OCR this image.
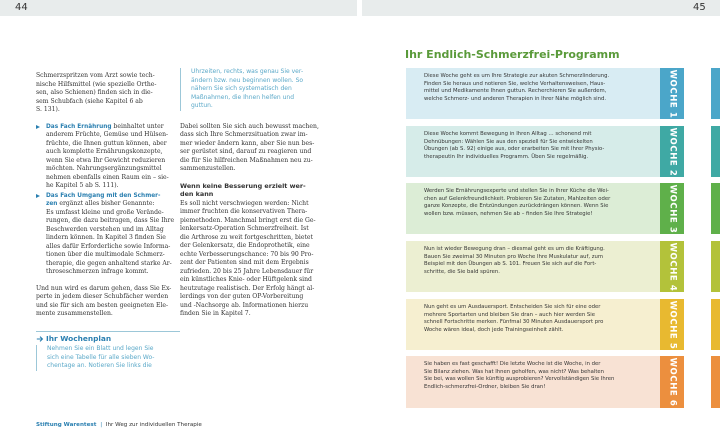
44	45

Schmerzspritzen vom Arzt sowie tech-
nische Hilfsmittel (wie spezielle Orthe-
sen, also Schienen) finden sich in die-
sem Schubfach (siehe Kapitel 6 ab
S. 131).

Das Fach Ernährung beinhaltet unter
anderem Früchte, Gemüse und Hülsen-
früchte, die Ihnen guttun können, aber
auch komplette Ernährungskonzepte,
wenn Sie etwa Ihr Gewicht reduzieren
möchten. Nahrungsergänzungsmittel
nehmen ebenfalls einen Raum ein – sie-
he Kapitel 5 ab S. 111).
Das Fach Umgang mit den Schmer-
zen ergänzt alles bisher Genannte:
Es umfasst kleine und große Verände-
rungen, die dazu beitragen, dass Sie Ihre
Beschwerden verstehen und im Alltag
lindern können. In Kapitel 3 finden Sie
alles dafür Erforderliche sowie Informa-
tionen über die multimodale Schmerz-
therapie, die gegen anhaltend starke Ar-
throseschmerzen infrage kommt.

Und nun wird es darum gehen, dass Sie Ex-
perte in jedem dieser Schubfächer werden
und sie für sich am besten geeigneten Ele-
mente zusammenstellen.

Ihr Wochenplan
Nehmen Sie ein Blatt und legen Sie
sich eine Tabelle für alle sieben Wo-
chentage an. Notieren Sie links die
Uhrzeiten, rechts, was genau Sie ver-
ändern bzw. neu beginnen wollen. So
nähern Sie sich systematisch den
Maßnahmen, die Ihnen helfen und
guttun.

Dabei sollten Sie sich auch bewusst machen,
dass sich Ihre Schmerzsituation zwar im-
mer wieder ändern kann, aber Sie nun bes-
ser gerüstet sind, darauf zu reagieren und
die für Sie hilfreichen Maßnahmen neu zu-
sammenzustellen.

Wenn keine Besserung erzielt wer-
den kann

Es soll nicht verschwiegen werden: Nicht
immer fruchten die konservativen Thera-
piemethoden. Manchmal bringt erst die Ge-
lenkersatz-Operation Schmerzfreiheit. Ist
die Arthrose zu weit fortgeschritten, bietet
der Gelenkersatz, die Endoprothetik, eine
echte Verbesserungschance: 70 bis 90 Pro-
zent der Patienten sind mit dem Ergebnis
zufrieden. 20 bis 25 Jahre Lebensdauer für
ein künstliches Knie- oder Hüftgelenk sind
heutzutage realistisch. Der Erfolg hängt al-
lerdings von der guten OP-Vorbereitung
und -Nachsorge ab. Informationen hierzu
finden Sie in Kapitel 7.

Stiftung Warentest | Ihr Weg zur individuellen Therapie
Ihr Endlich-Schmerzfrei-Programm
Diese Woche geht es um Ihre Strategie zur akuten Schmerzlinderung.
Finden Sie heraus und notieren Sie, welche Verhaltensweisen, Haus-
mittel und Medikamente Ihnen guttun. Recherchieren Sie außerdem,
welche Schmerz- und anderen Therapien in Ihrer Nähe möglich sind.	WOCHE 1
Diese Woche kommt Bewegung in Ihren Alltag … schonend mit
Dehnübungen: Wählen Sie aus den speziell für Sie entwickelten
Übungen (ab S. 92) einige aus, oder erarbeiten Sie mit Ihrer Physio-
therapeutin Ihr individuelles Programm. Üben Sie regelmäßig.	WOCHE 2
Werden Sie Ernährungsexperte und stellen Sie in Ihrer Küche die Wei-
chen auf Gelenkfreundlichkeit. Probieren Sie Zutaten, Mahlzeiten oder
ganze Konzepte, die Entzündungen zurückdrängen können. Wenn Sie
wollen bzw. müssen, nehmen Sie ab – finden Sie Ihre Strategie!	WOCHE 3
Nun ist wieder Bewegung dran – diesmal geht es um die Kräftigung.
Bauen Sie zweimal 30 Minuten pro Woche Ihre Muskulatur auf, zum
Beispiel mit den Übungen ab S. 101. Freuen Sie sich auf die Fort-
schritte, die Sie bald spüren.	WOCHE 4
Nun geht es um Ausdauersport. Entscheiden Sie sich für eine oder
mehrere Sportarten und bleiben Sie dran – auch hier werden Sie
schnell Fortschritte merken. Fünfmal 30 Minuten Ausdauersport pro
Woche wären ideal, doch jede Trainingseinheit zählt.	WOCHE 5
Sie haben es fast geschafft! Die letzte Woche ist die Woche, in der
Sie Bilanz ziehen. Was hat Ihnen geholfen, was nicht? Was behalten
Sie bei, was wollen Sie künftig ausprobieren? Vervollständigen Sie Ihren
Endlich-schmerzfrei-Ordner, bleiben Sie dran!	WOCHE 6
